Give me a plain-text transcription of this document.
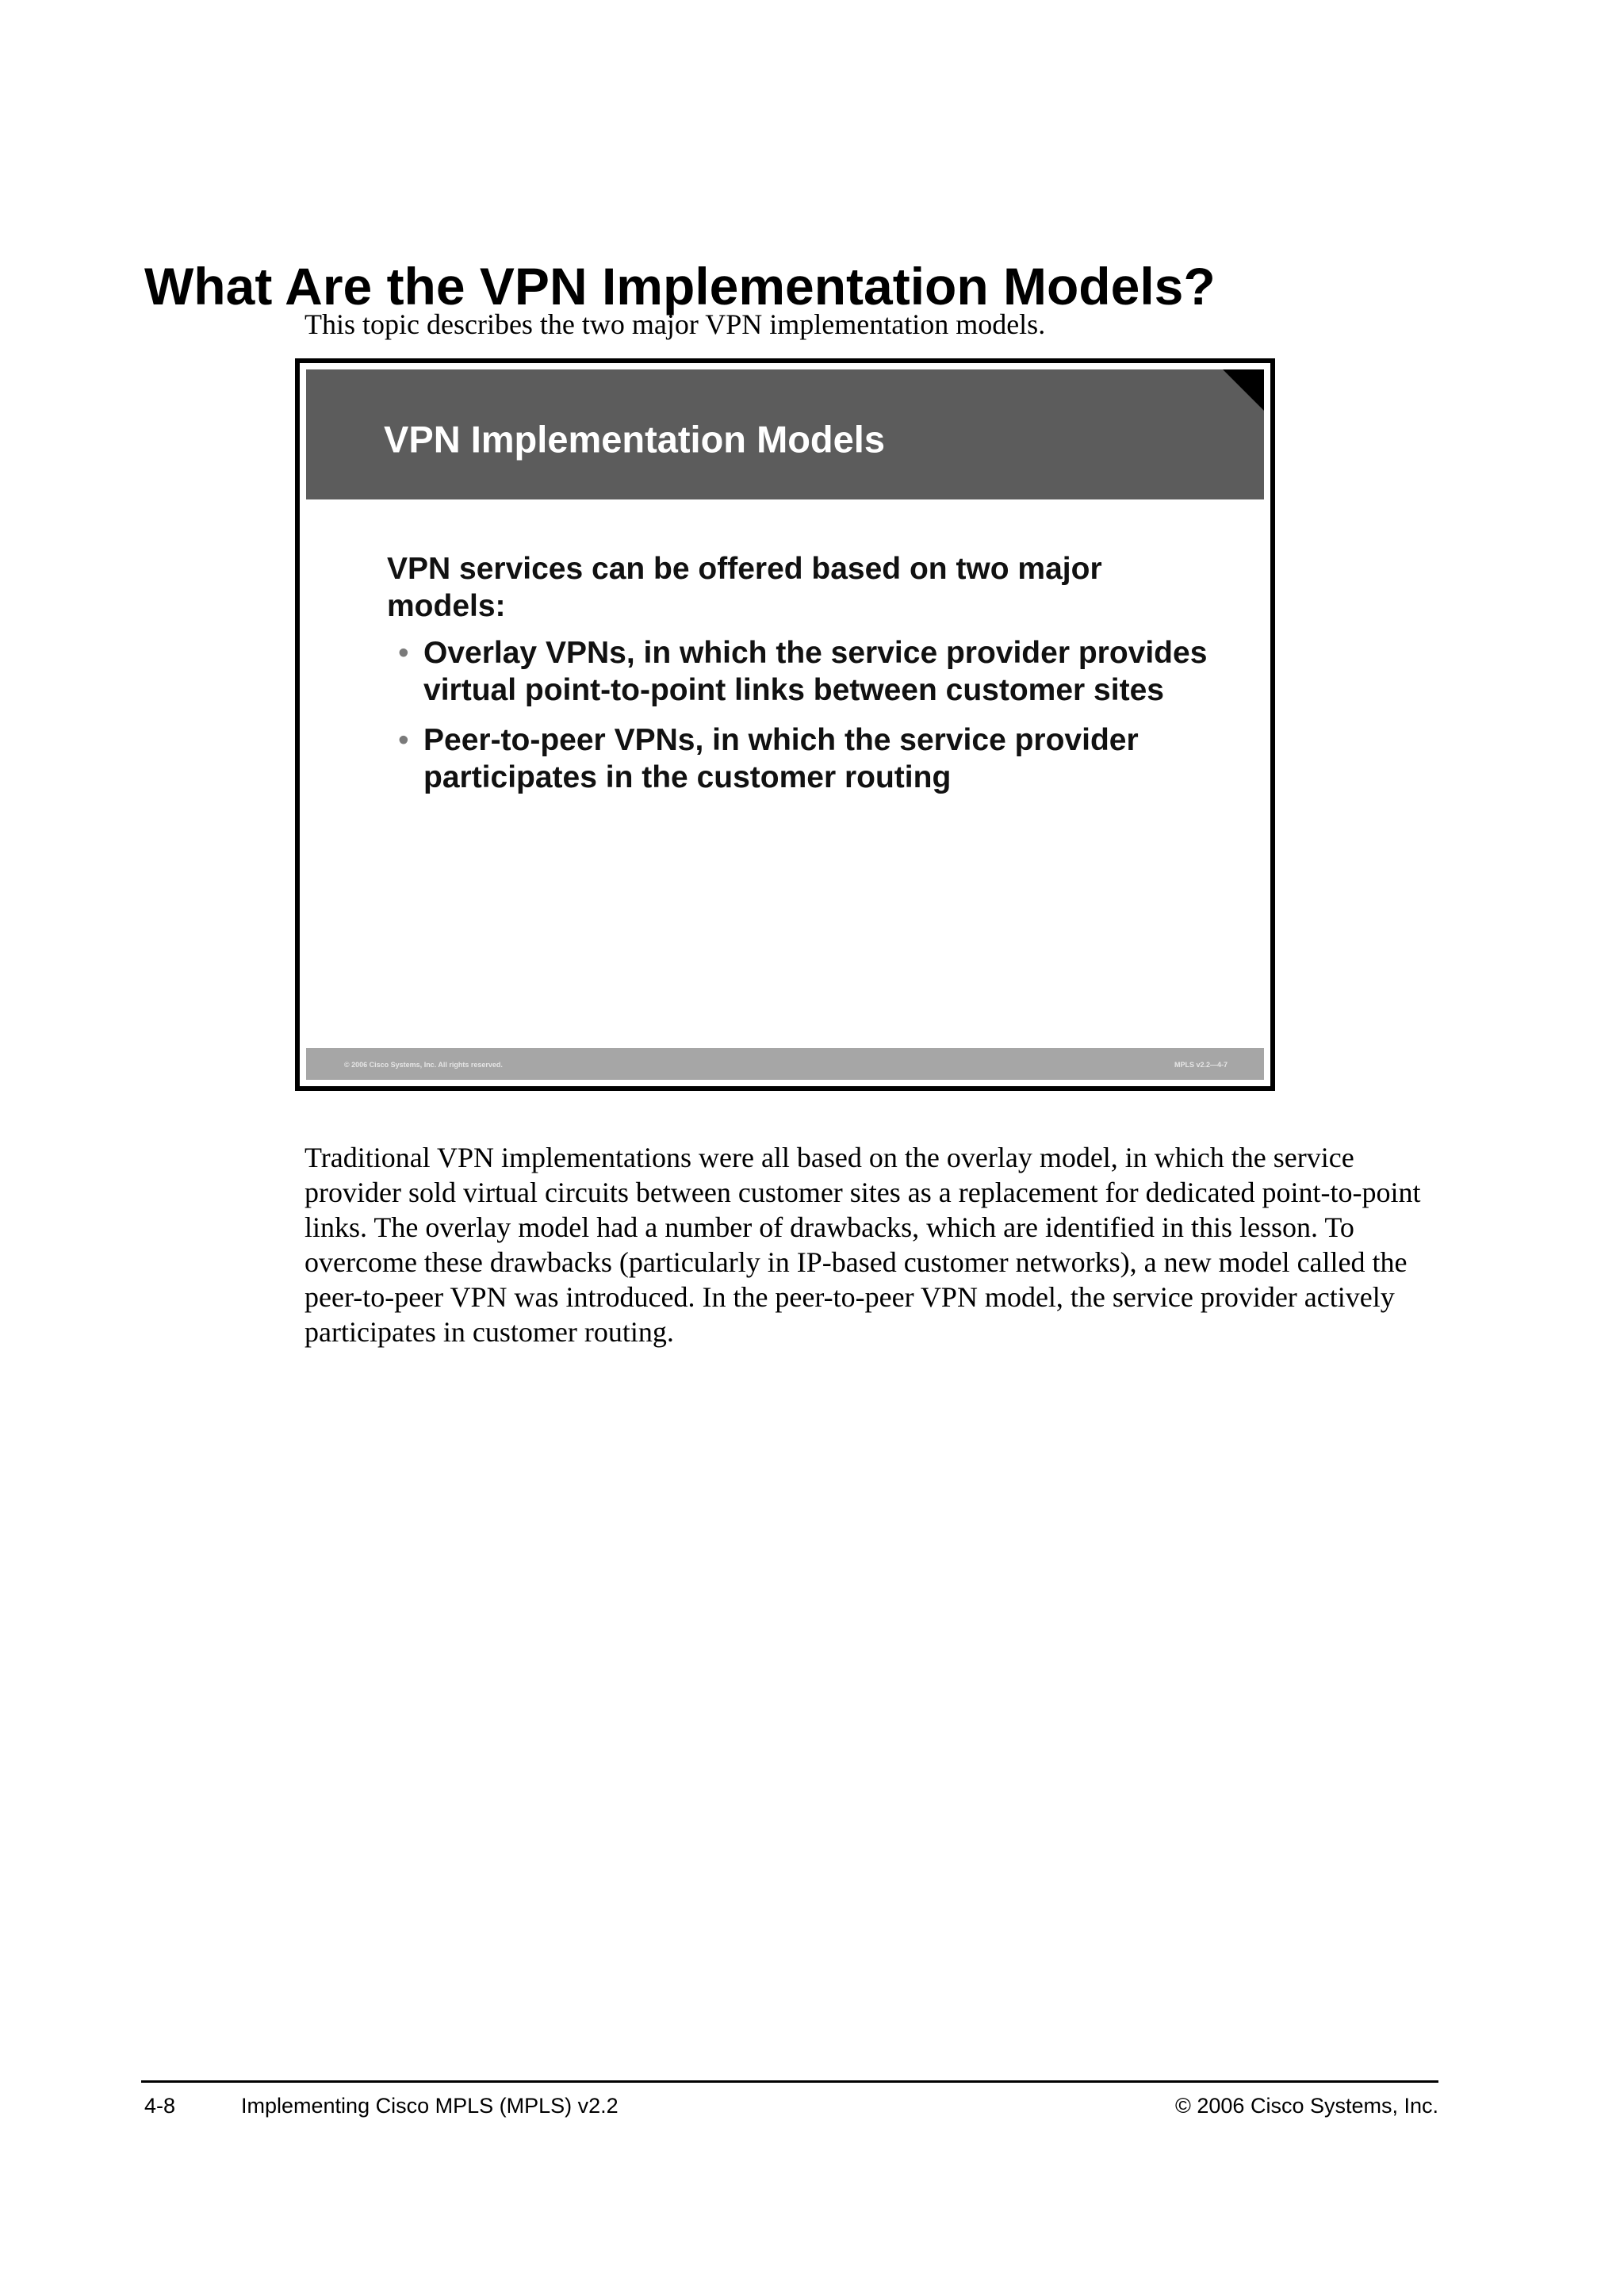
What Are the VPN Implementation Models?
This topic describes the two major VPN implementation models.
VPN Implementation Models
VPN services can be offered based on two major models:
• Overlay VPNs, in which the service provider provides virtual point-to-point links between customer sites
• Peer-to-peer VPNs, in which the service provider participates in the customer routing
© 2006 Cisco Systems, Inc. All rights reserved.	MPLS v2.2—4-7

Traditional VPN implementations were all based on the overlay model, in which the service provider sold virtual circuits between customer sites as a replacement for dedicated point-to-point links. The overlay model had a number of drawbacks, which are identified in this lesson. To overcome these drawbacks (particularly in IP-based customer networks), a new model called the peer-to-peer VPN was introduced. In the peer-to-peer VPN model, the service provider actively participates in customer routing.

4-8	Implementing Cisco MPLS (MPLS) v2.2	© 2006 Cisco Systems, Inc.
